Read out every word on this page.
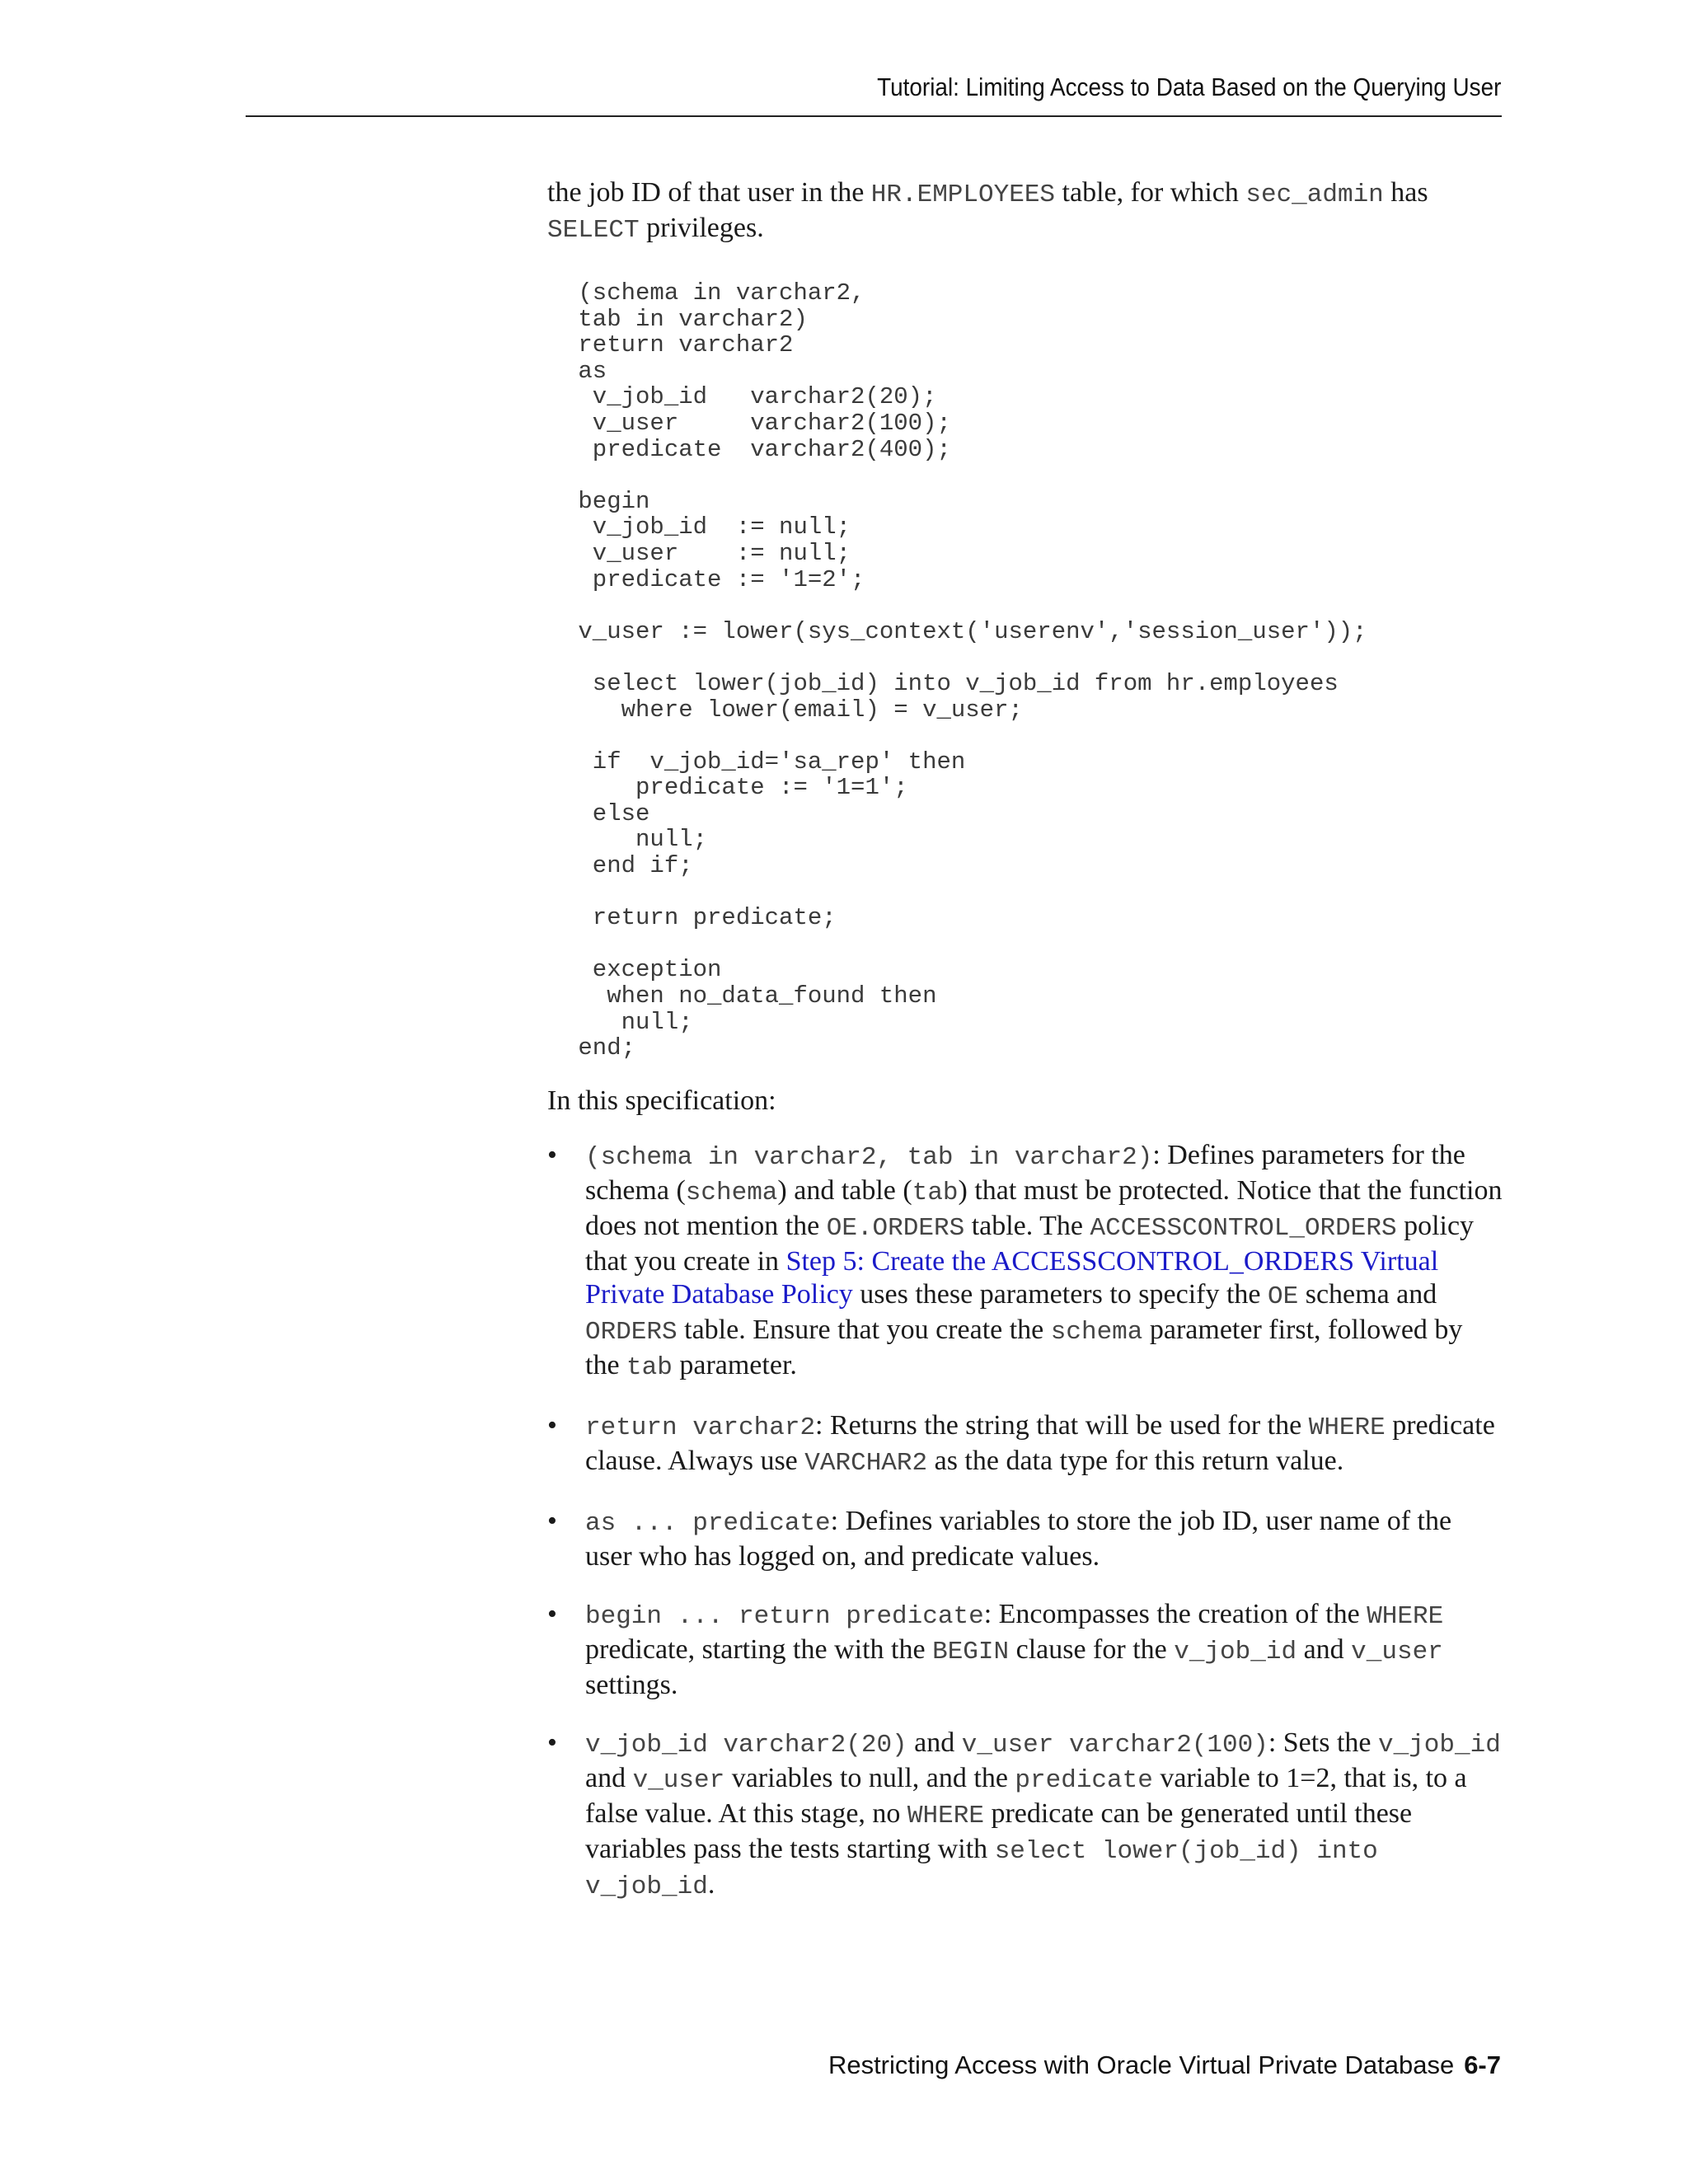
Tutorial: Limiting Access to Data Based on the Querying User

the job ID of that user in the HR.EMPLOYEES table, for which sec_admin has SELECT privileges.

(schema in varchar2,
tab in varchar2)
return varchar2
as
v_job_id   varchar2(20);
v_user     varchar2(100);
predicate  varchar2(400);

begin
v_job_id  := null;
v_user    := null;
predicate := '1=2';

v_user := lower(sys_context('userenv','session_user'));

select lower(job_id) into v_job_id from hr.employees
where lower(email) = v_user;

if  v_job_id='sa_rep' then
predicate := '1=1';
else
null;
end if;

return predicate;

exception
when no_data_found then
null;
end;

In this specification:

• (schema in varchar2, tab in varchar2): Defines parameters for the schema (schema) and table (tab) that must be protected. Notice that the function does not mention the OE.ORDERS table. The ACCESSCONTROL_ORDERS policy that you create in Step 5: Create the ACCESSCONTROL_ORDERS Virtual Private Database Policy uses these parameters to specify the OE schema and ORDERS table. Ensure that you create the schema parameter first, followed by the tab parameter.
• return varchar2: Returns the string that will be used for the WHERE predicate clause. Always use VARCHAR2 as the data type for this return value.
• as ... predicate: Defines variables to store the job ID, user name of the user who has logged on, and predicate values.
• begin ... return predicate: Encompasses the creation of the WHERE predicate, starting the with the BEGIN clause for the v_job_id and v_user settings.
• v_job_id varchar2(20) and v_user varchar2(100): Sets the v_job_id and v_user variables to null, and the predicate variable to 1=2, that is, to a false value. At this stage, no WHERE predicate can be generated until these variables pass the tests starting with select lower(job_id) into v_job_id.
Restricting Access with Oracle Virtual Private Database 6-7
